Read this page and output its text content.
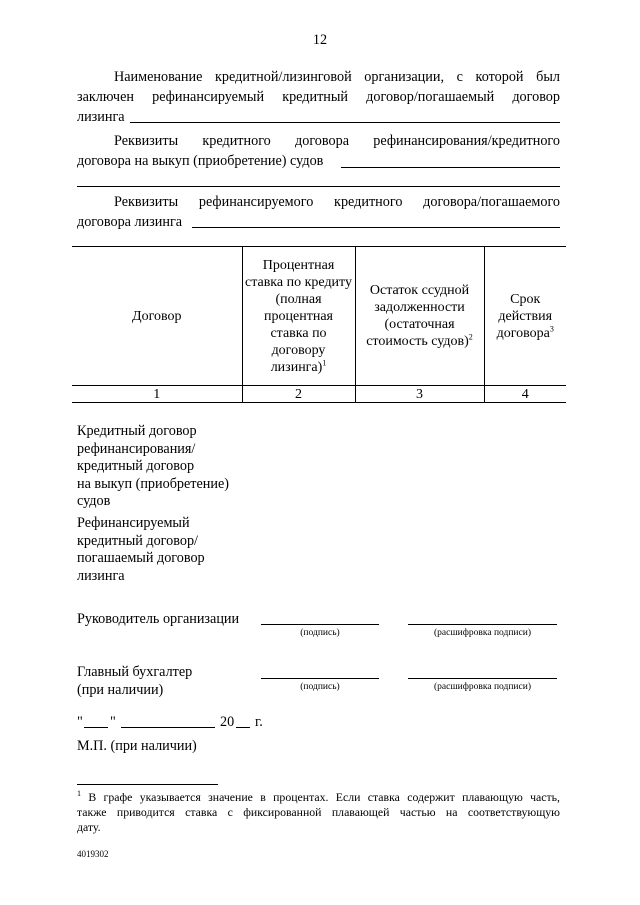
12
Наименование кредитной/лизинговой организации, с которой был
заключен рефинансируемый кредитный договор/погашаемый договор
лизинга
Реквизиты кредитного договора рефинансирования/кредитного
договора на выкуп (приобретение) судов
Реквизиты рефинансируемого кредитного договора/погашаемого
договора лизинга
Договор	Процентная ставка по кредиту (полная процентная ставка по договору лизинга)$^1$	Остаток ссудной задолженности (остаточная стоимость судов)$^2$	Срок действия договора$^3$
1	2	3	4
Кредитный договор
рефинансирования/
кредитный договор
на выкуп (приобретение)
судов
Рефинансируемый
кредитный договор/
погашаемый договор
лизинга
Руководитель организации
(подпись)	(расшифровка подписи)
Главный бухгалтер
(при наличии)	(подпись)	(расшифровка подписи)
" "	20 г.
М.П. (при наличии)
$^1$ В графе указывается значение в процентах. Если ставка содержит плавающую часть,
также приводится ставка с фиксированной плавающей частью на соответствующую
дату.
4019302
